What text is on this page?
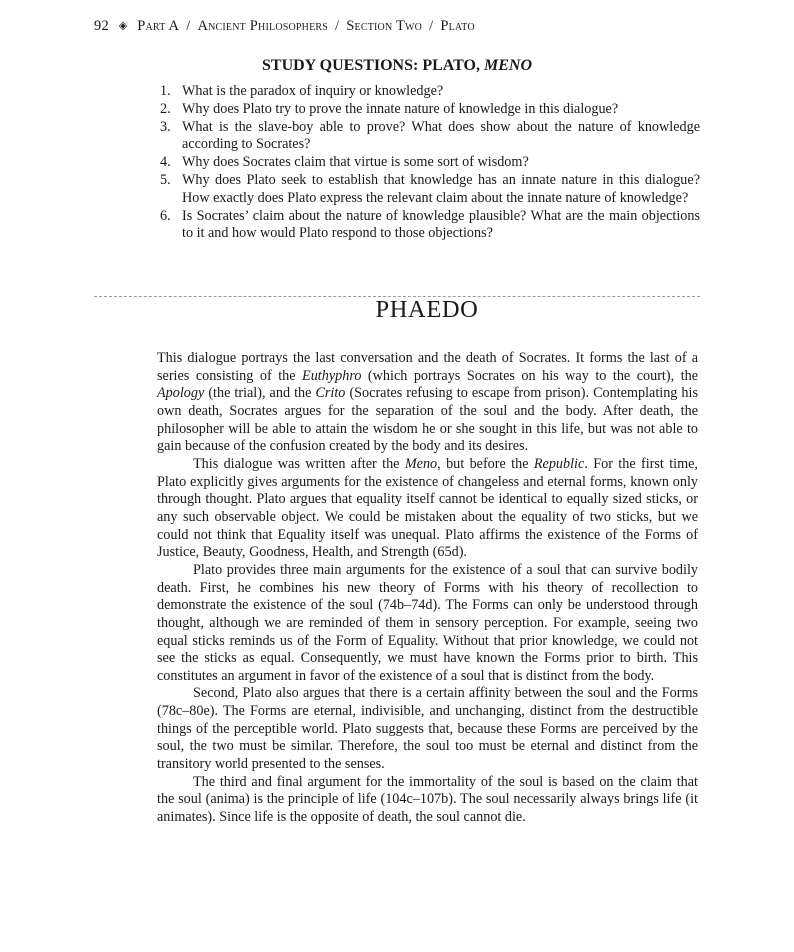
92 ◈ Part A / Ancient Philosophers / Section Two / Plato
STUDY QUESTIONS: PLATO, MENO
1. What is the paradox of inquiry or knowledge?
2. Why does Plato try to prove the innate nature of knowledge in this dialogue?
3. What is the slave-boy able to prove? What does show about the nature of knowledge according to Socrates?
4. Why does Socrates claim that virtue is some sort of wisdom?
5. Why does Plato seek to establish that knowledge has an innate nature in this dialogue? How exactly does Plato express the relevant claim about the innate nature of knowledge?
6. Is Socrates’ claim about the nature of knowledge plausible? What are the main objections to it and how would Plato respond to those objections?
PHAEDO

This dialogue portrays the last conversation and the death of Socrates. It forms the last of a series consisting of the Euthyphro (which portrays Socrates on his way to the court), the Apology (the trial), and the Crito (Socrates refusing to escape from prison). Contemplating his own death, Socrates argues for the separation of the soul and the body. After death, the philosopher will be able to attain the wisdom he or she sought in this life, but was not able to gain because of the confusion created by the body and its desires.

This dialogue was written after the Meno, but before the Republic. For the first time, Plato explicitly gives arguments for the existence of changeless and eternal forms, known only through thought. Plato argues that equality itself cannot be identical to equally sized sticks, or any such observable object. We could be mistaken about the equality of two sticks, but we could not think that Equality itself was unequal. Plato affirms the existence of the Forms of Justice, Beauty, Goodness, Health, and Strength (65d).

Plato provides three main arguments for the existence of a soul that can survive bodily death. First, he combines his new theory of Forms with his theory of recollection to demonstrate the existence of the soul (74b–74d). The Forms can only be understood through thought, although we are reminded of them in sensory perception. For example, seeing two equal sticks reminds us of the Form of Equality. Without that prior knowledge, we could not see the sticks as equal. Consequently, we must have known the Forms prior to birth. This constitutes an argument in favor of the existence of a soul that is distinct from the body.

Second, Plato also argues that there is a certain affinity between the soul and the Forms (78c–80e). The Forms are eternal, indivisible, and unchanging, distinct from the destructible things of the perceptible world. Plato suggests that, because these Forms are perceived by the soul, the two must be similar. Therefore, the soul too must be eternal and distinct from the transitory world presented to the senses.

The third and final argument for the immortality of the soul is based on the claim that the soul (anima) is the principle of life (104c–107b). The soul necessarily always brings life (it animates). Since life is the opposite of death, the soul cannot die.
